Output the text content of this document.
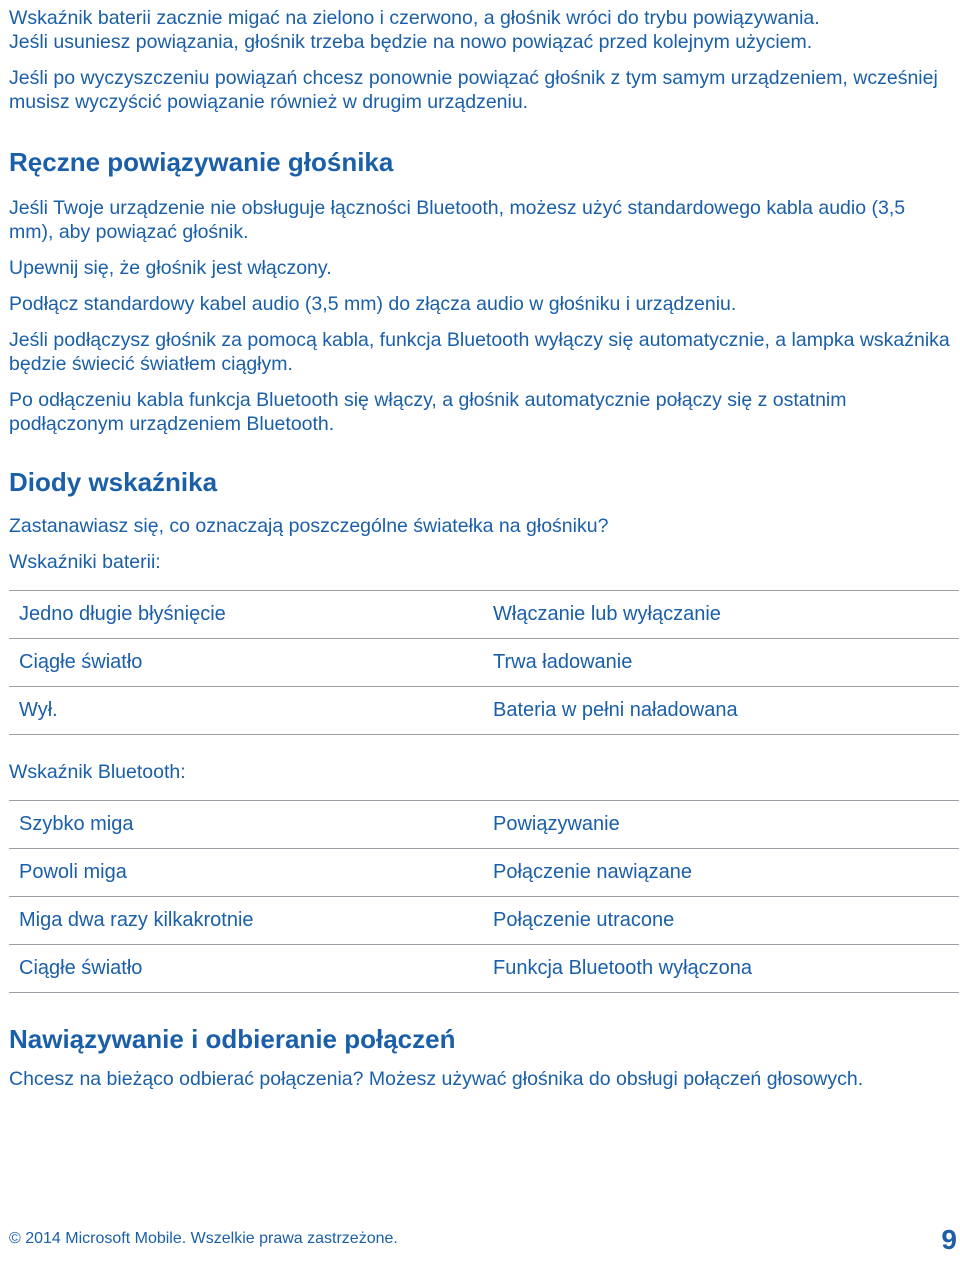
Wskaźnik baterii zacznie migać na zielono i czerwono, a głośnik wróci do trybu powiązywania.

Jeśli usuniesz powiązania, głośnik trzeba będzie na nowo powiązać przed kolejnym użyciem.

Jeśli po wyczyszczeniu powiązań chcesz ponownie powiązać głośnik z tym samym urządzeniem, wcześniej musisz wyczyścić powiązanie również w drugim urządzeniu.

Ręczne powiązywanie głośnika

Jeśli Twoje urządzenie nie obsługuje łączności Bluetooth, możesz użyć standardowego kabla audio (3,5 mm), aby powiązać głośnik.

Upewnij się, że głośnik jest włączony.

Podłącz standardowy kabel audio (3,5 mm) do złącza audio w głośniku i urządzeniu.

Jeśli podłączysz głośnik za pomocą kabla, funkcja Bluetooth wyłączy się automatycznie, a lampka wskaźnika będzie świecić światłem ciągłym.

Po odłączeniu kabla funkcja Bluetooth się włączy, a głośnik automatycznie połączy się z ostatnim podłączonym urządzeniem Bluetooth.

Diody wskaźnika

Zastanawiasz się, co oznaczają poszczególne światełka na głośniku?

Wskaźniki baterii:

Jedno długie błyśnięcie	Włączanie lub wyłączanie
Ciągłe światło	Trwa ładowanie
Wył.	Bateria w pełni naładowana

Wskaźnik Bluetooth:

Szybko miga	Powiązywanie
Powoli miga	Połączenie nawiązane
Miga dwa razy kilkakrotnie	Połączenie utracone
Ciągłe światło	Funkcja Bluetooth wyłączona
Nawiązywanie i odbieranie połączeń

Chcesz na bieżąco odbierać połączenia? Możesz używać głośnika do obsługi połączeń głosowych.

© 2014 Microsoft Mobile. Wszelkie prawa zastrzeżone.	9
